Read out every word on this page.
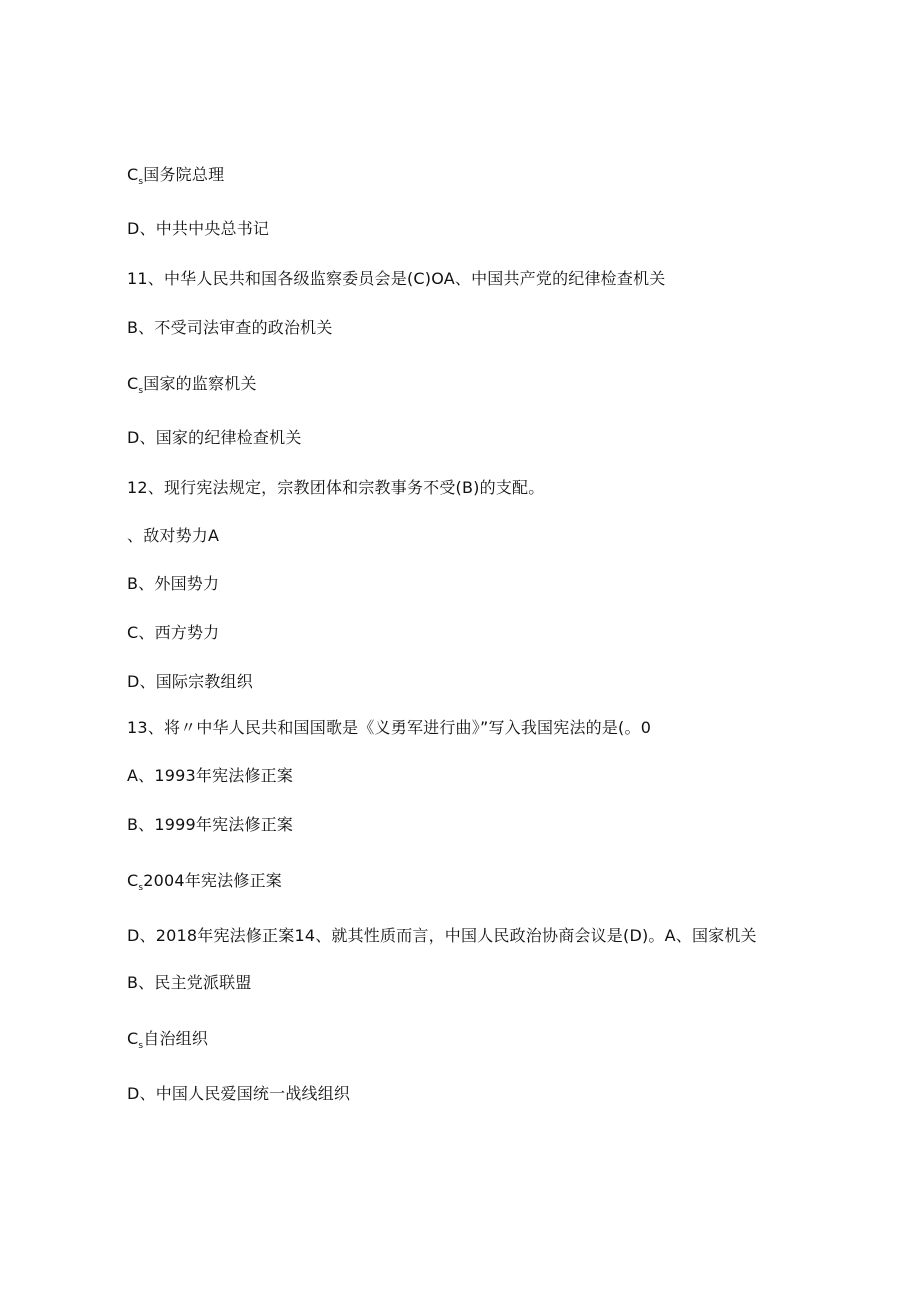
$C_s$国务院总理
D、中共中央总书记
11、中华人民共和国各级监察委员会是(C)OA、中国共产党的纪律检查机关
B、不受司法审查的政治机关
$C_s$国家的监察机关
D、国家的纪律检查机关
12、现行宪法规定，宗教团体和宗教事务不受(B)的支配。
、敌对势力A
B、外国势力
C、西方势力
D、国际宗教组织
13、将〃中华人民共和国国歌是《义勇军进行曲》”写入我国宪法的是(。0
A、1993年宪法修正案
B、1999年宪法修正案
$C_s2004$年宪法修正案
D、2018年宪法修正案14、就其性质而言，中国人民政治协商会议是(D)。A、国家机关
B、民主党派联盟
$C_s$自治组织
D、中国人民爱国统一战线组织
